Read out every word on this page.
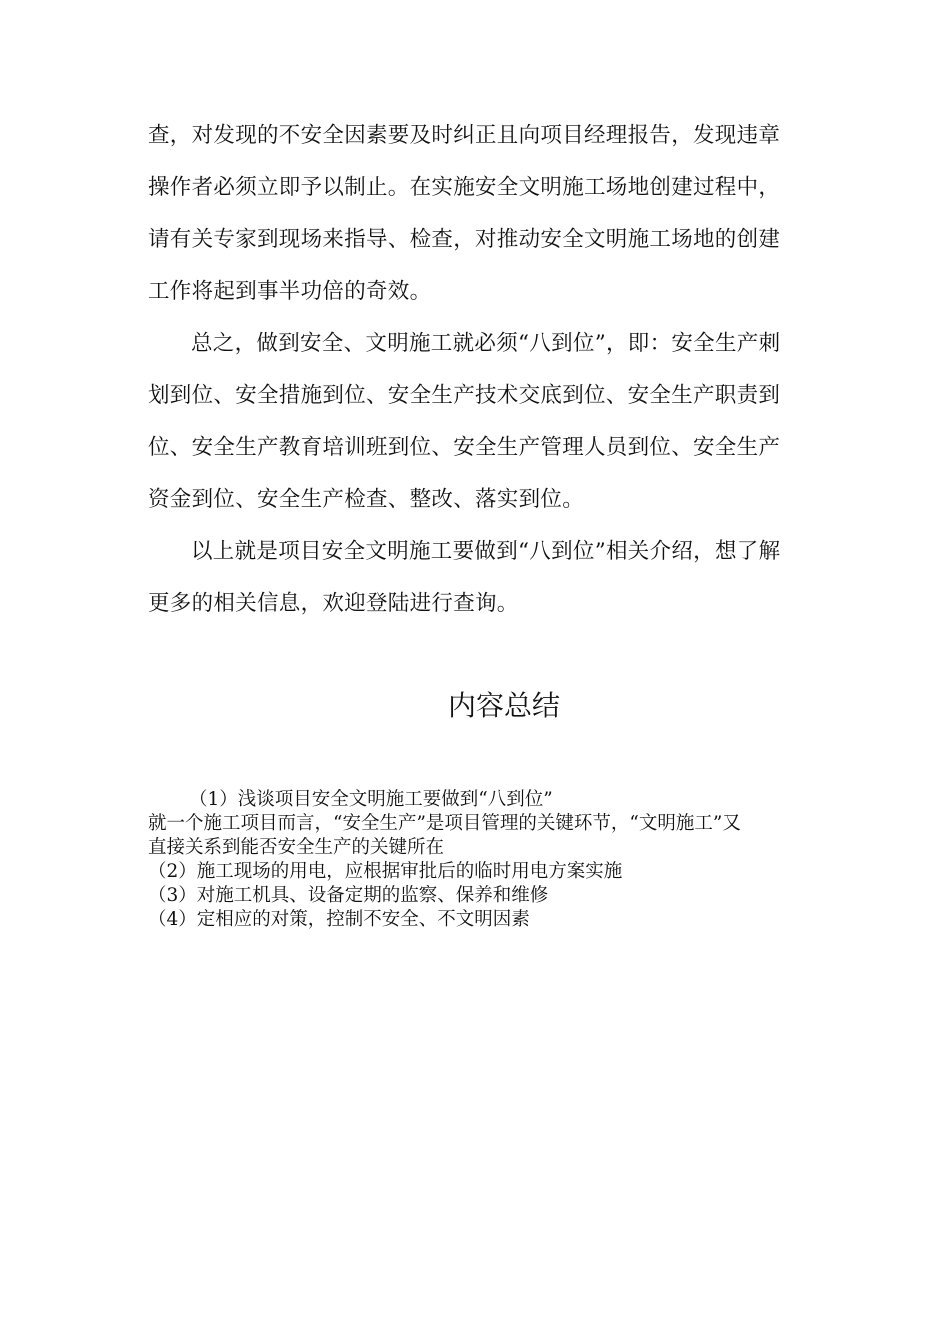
查，对发现的不安全因素要及时纠正且向项目经理报告，发现违章
操作者必须立即予以制止。在实施安全文明施工场地创建过程中，
请有关专家到现场来指导、检查，对推动安全文明施工场地的创建
工作将起到事半功倍的奇效。

总之，做到安全、文明施工就必须“八到位”，即：安全生产刺
划到位、安全措施到位、安全生产技术交底到位、安全生产职责到
位、安全生产教育培训班到位、安全生产管理人员到位、安全生产
资金到位、安全生产检查、整改、落实到位。

以上就是项目安全文明施工要做到“八到位”相关介绍，想了解
更多的相关信息，欢迎登陆进行查询。

内容总结

（1）浅谈项目安全文明施工要做到“八到位”

就一个施工项目而言，“安全生产”是项目管理的关键环节，“文明施工”又

直接关系到能否安全生产的关键所在

（2）施工现场的用电，应根据审批后的临时用电方案实施

（3）对施工机具、设备定期的监察、保养和维修

（4）定相应的对策，控制不安全、不文明因素
